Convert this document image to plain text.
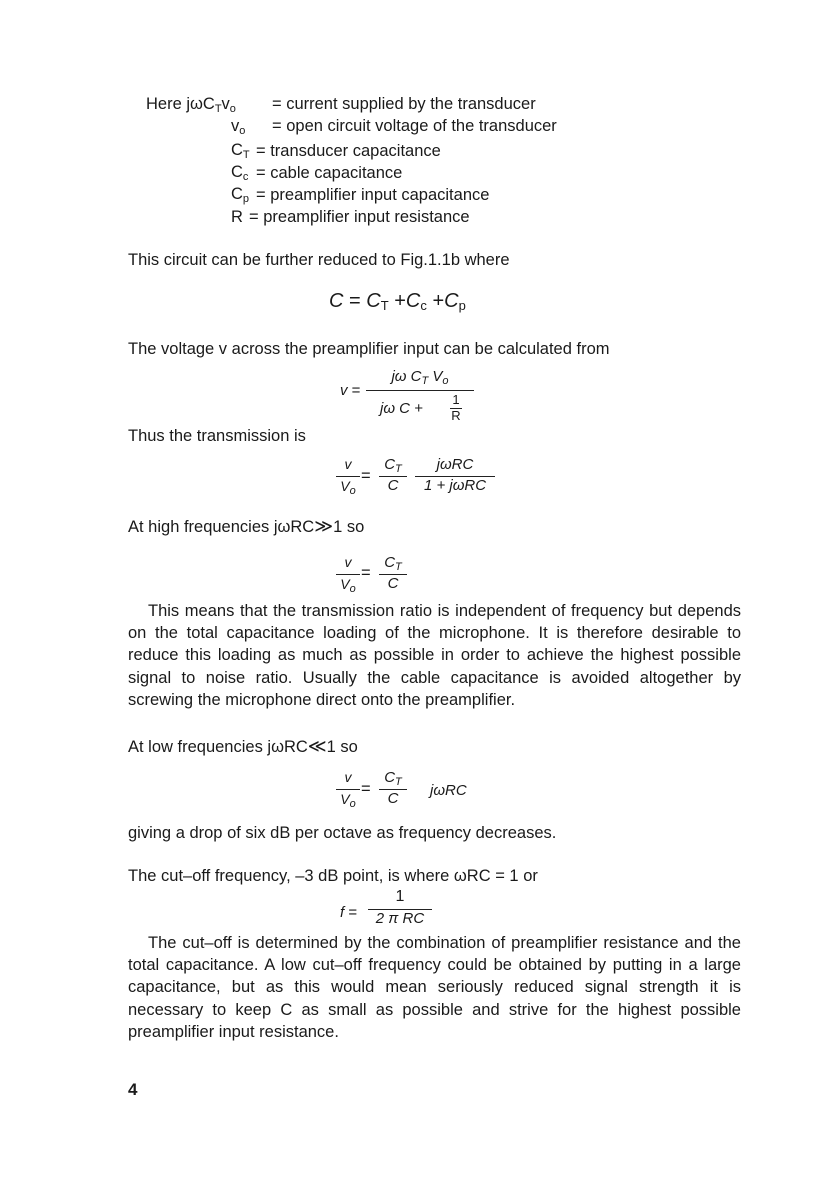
Here $j\omega C_Tv_o$ = current supplied by the transducer
$v_o$ = open circuit voltage of the transducer
$C_T$ = transducer capacitance
$C_c$ = cable capacitance
$C_p$ = preamplifier input capacitance
R = preamplifier input resistance
This circuit can be further reduced to Fig.1.1b where
$C = C_T +C_c +C_p$
The voltage v across the preamplifier input can be calculated from
v =
jω $C_T$ $V_o$
jω C +
1
R
Thus the transmission is
v
$V_o$
=
$C_T$
C
jωRC
1 + jωRC
At high frequencies jωRC≫1 so
v
$V_o$
=
$C_T$
C
This means that the transmission ratio is independent of frequency but depends on the total capacitance loading of the microphone. It is therefore desirable to reduce this loading as much as possible in order to achieve the highest possible signal to noise ratio. Usually the cable capacitance is avoided altogether by screwing the microphone direct onto the preamplifier.
At low frequencies jωRC≪1 so
v
$V_o$
=
$C_T$
C	jωRC
giving a drop of six dB per octave as frequency decreases.
The cut–off frequency, –3 dB point, is where ωRC = 1 or
f =
1
2 π RC
The cut–off is determined by the combination of preamplifier resistance and the total capacitance. A low cut–off frequency could be obtained by putting in a large capacitance, but as this would mean seriously reduced signal strength it is necessary to keep C as small as possible and strive for the highest possible preamplifier input resistance.
4
